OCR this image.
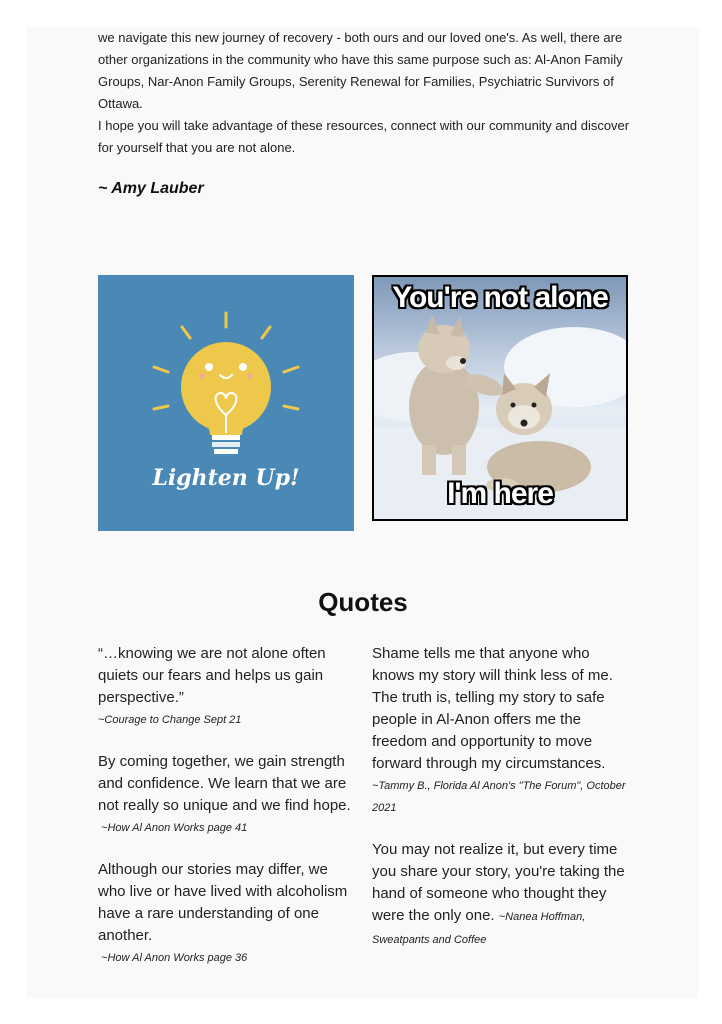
we navigate this new journey of recovery - both ours and our loved one's. As well, there are other organizations in the community who have this same purpose such as: Al-Anon Family Groups, Nar-Anon Family Groups, Serenity Renewal for Families, Psychiatric Survivors of Ottawa.

I hope you will take advantage of these resources, connect with our community and discover for yourself that you are not alone.

~ Amy Lauber
Lighten Up!
You're not alone
I'm here
Quotes
“…knowing we are not alone often quiets our fears and helps us gain perspective.”
~Courage to Change Sept 21
By coming together, we gain strength and confidence. We learn that we are not really so unique and we find hope.
~How Al Anon Works page 41
Although our stories may differ, we who live or have lived with alcoholism have a rare understanding of one another.
~How Al Anon Works page 36
Shame tells me that anyone who knows my story will think less of me. The truth is, telling my story to safe people in Al-Anon offers me the freedom and opportunity to move forward through my circumstances.
~Tammy B., Florida Al Anon's "The Forum", October 2021
You may not realize it, but every time you share your story, you're taking the hand of someone who thought they were the only one. ~Nanea Hoffman, Sweatpants and Coffee
